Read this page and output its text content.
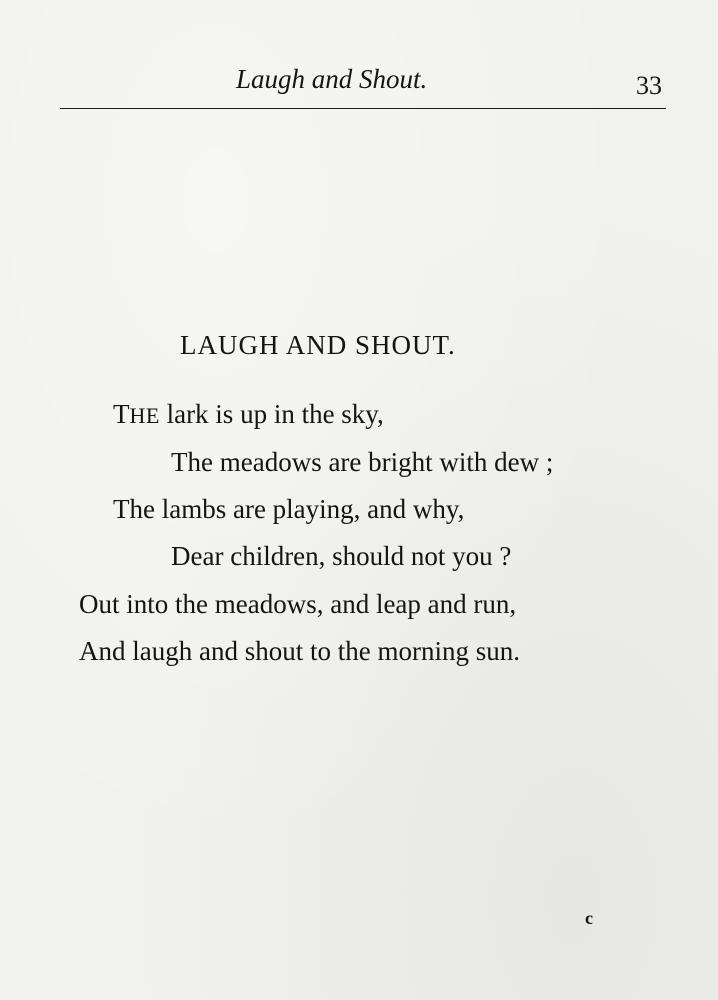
Laugh and Shout.	33
LAUGH AND SHOUT.
THE lark is up in the sky,
The meadows are bright with dew ;
The lambs are playing, and why,
Dear children, should not you ?
Out into the meadows, and leap and run,
And laugh and shout to the morning sun.
c
